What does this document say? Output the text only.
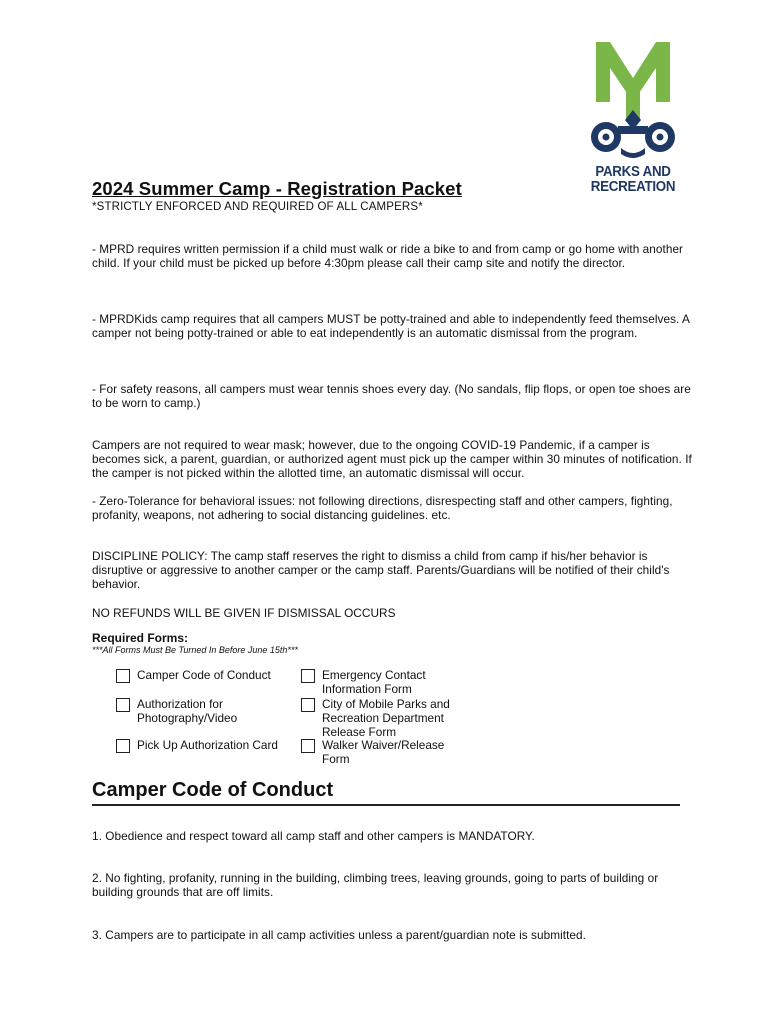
PARKS AND
RECREATION
2024 Summer Camp - Registration Packet
*STRICTLY ENFORCED AND REQUIRED OF ALL CAMPERS*

- MPRD requires written permission if a child must walk or ride a bike to and from camp or go home with another child. If your child must be picked up before 4:30pm please call their camp site and notify the director.

- MPRDKids camp requires that all campers MUST be potty-trained and able to independently feed themselves. A camper not being potty-trained or able to eat independently is an automatic dismissal from the program.

- For safety reasons, all campers must wear tennis shoes every day. (No sandals, flip flops, or open toe shoes are to be worn to camp.)

Campers are not required to wear mask; however, due to the ongoing COVID-19 Pandemic, if a camper is becomes sick, a parent, guardian, or authorized agent must pick up the camper within 30 minutes of notification. If the camper is not picked within the allotted time, an automatic dismissal will occur.

- Zero-Tolerance for behavioral issues: not following directions, disrespecting staff and other campers, fighting, profanity, weapons, not adhering to social distancing guidelines. etc.

DISCIPLINE POLICY: The camp staff reserves the right to dismiss a child from camp if his/her behavior is disruptive or aggressive to another camper or the camp staff. Parents/Guardians will be notified of their child's behavior.

NO REFUNDS WILL BE GIVEN IF DISMISSAL OCCURS

Required Forms:
***All Forms Must Be Turned In Before June 15th***
Camper Code of Conduct
Authorization for
Photography/Video
Pick Up Authorization Card
Emergency Contact
Information Form
City of Mobile Parks and
Recreation Department
Release Form
Walker Waiver/Release
Form
Camper Code of Conduct

1. Obedience and respect toward all camp staff and other campers is MANDATORY.

2. No fighting, profanity, running in the building, climbing trees, leaving grounds, going to parts of building or building grounds that are off limits.

3. Campers are to participate in all camp activities unless a parent/guardian note is submitted.
